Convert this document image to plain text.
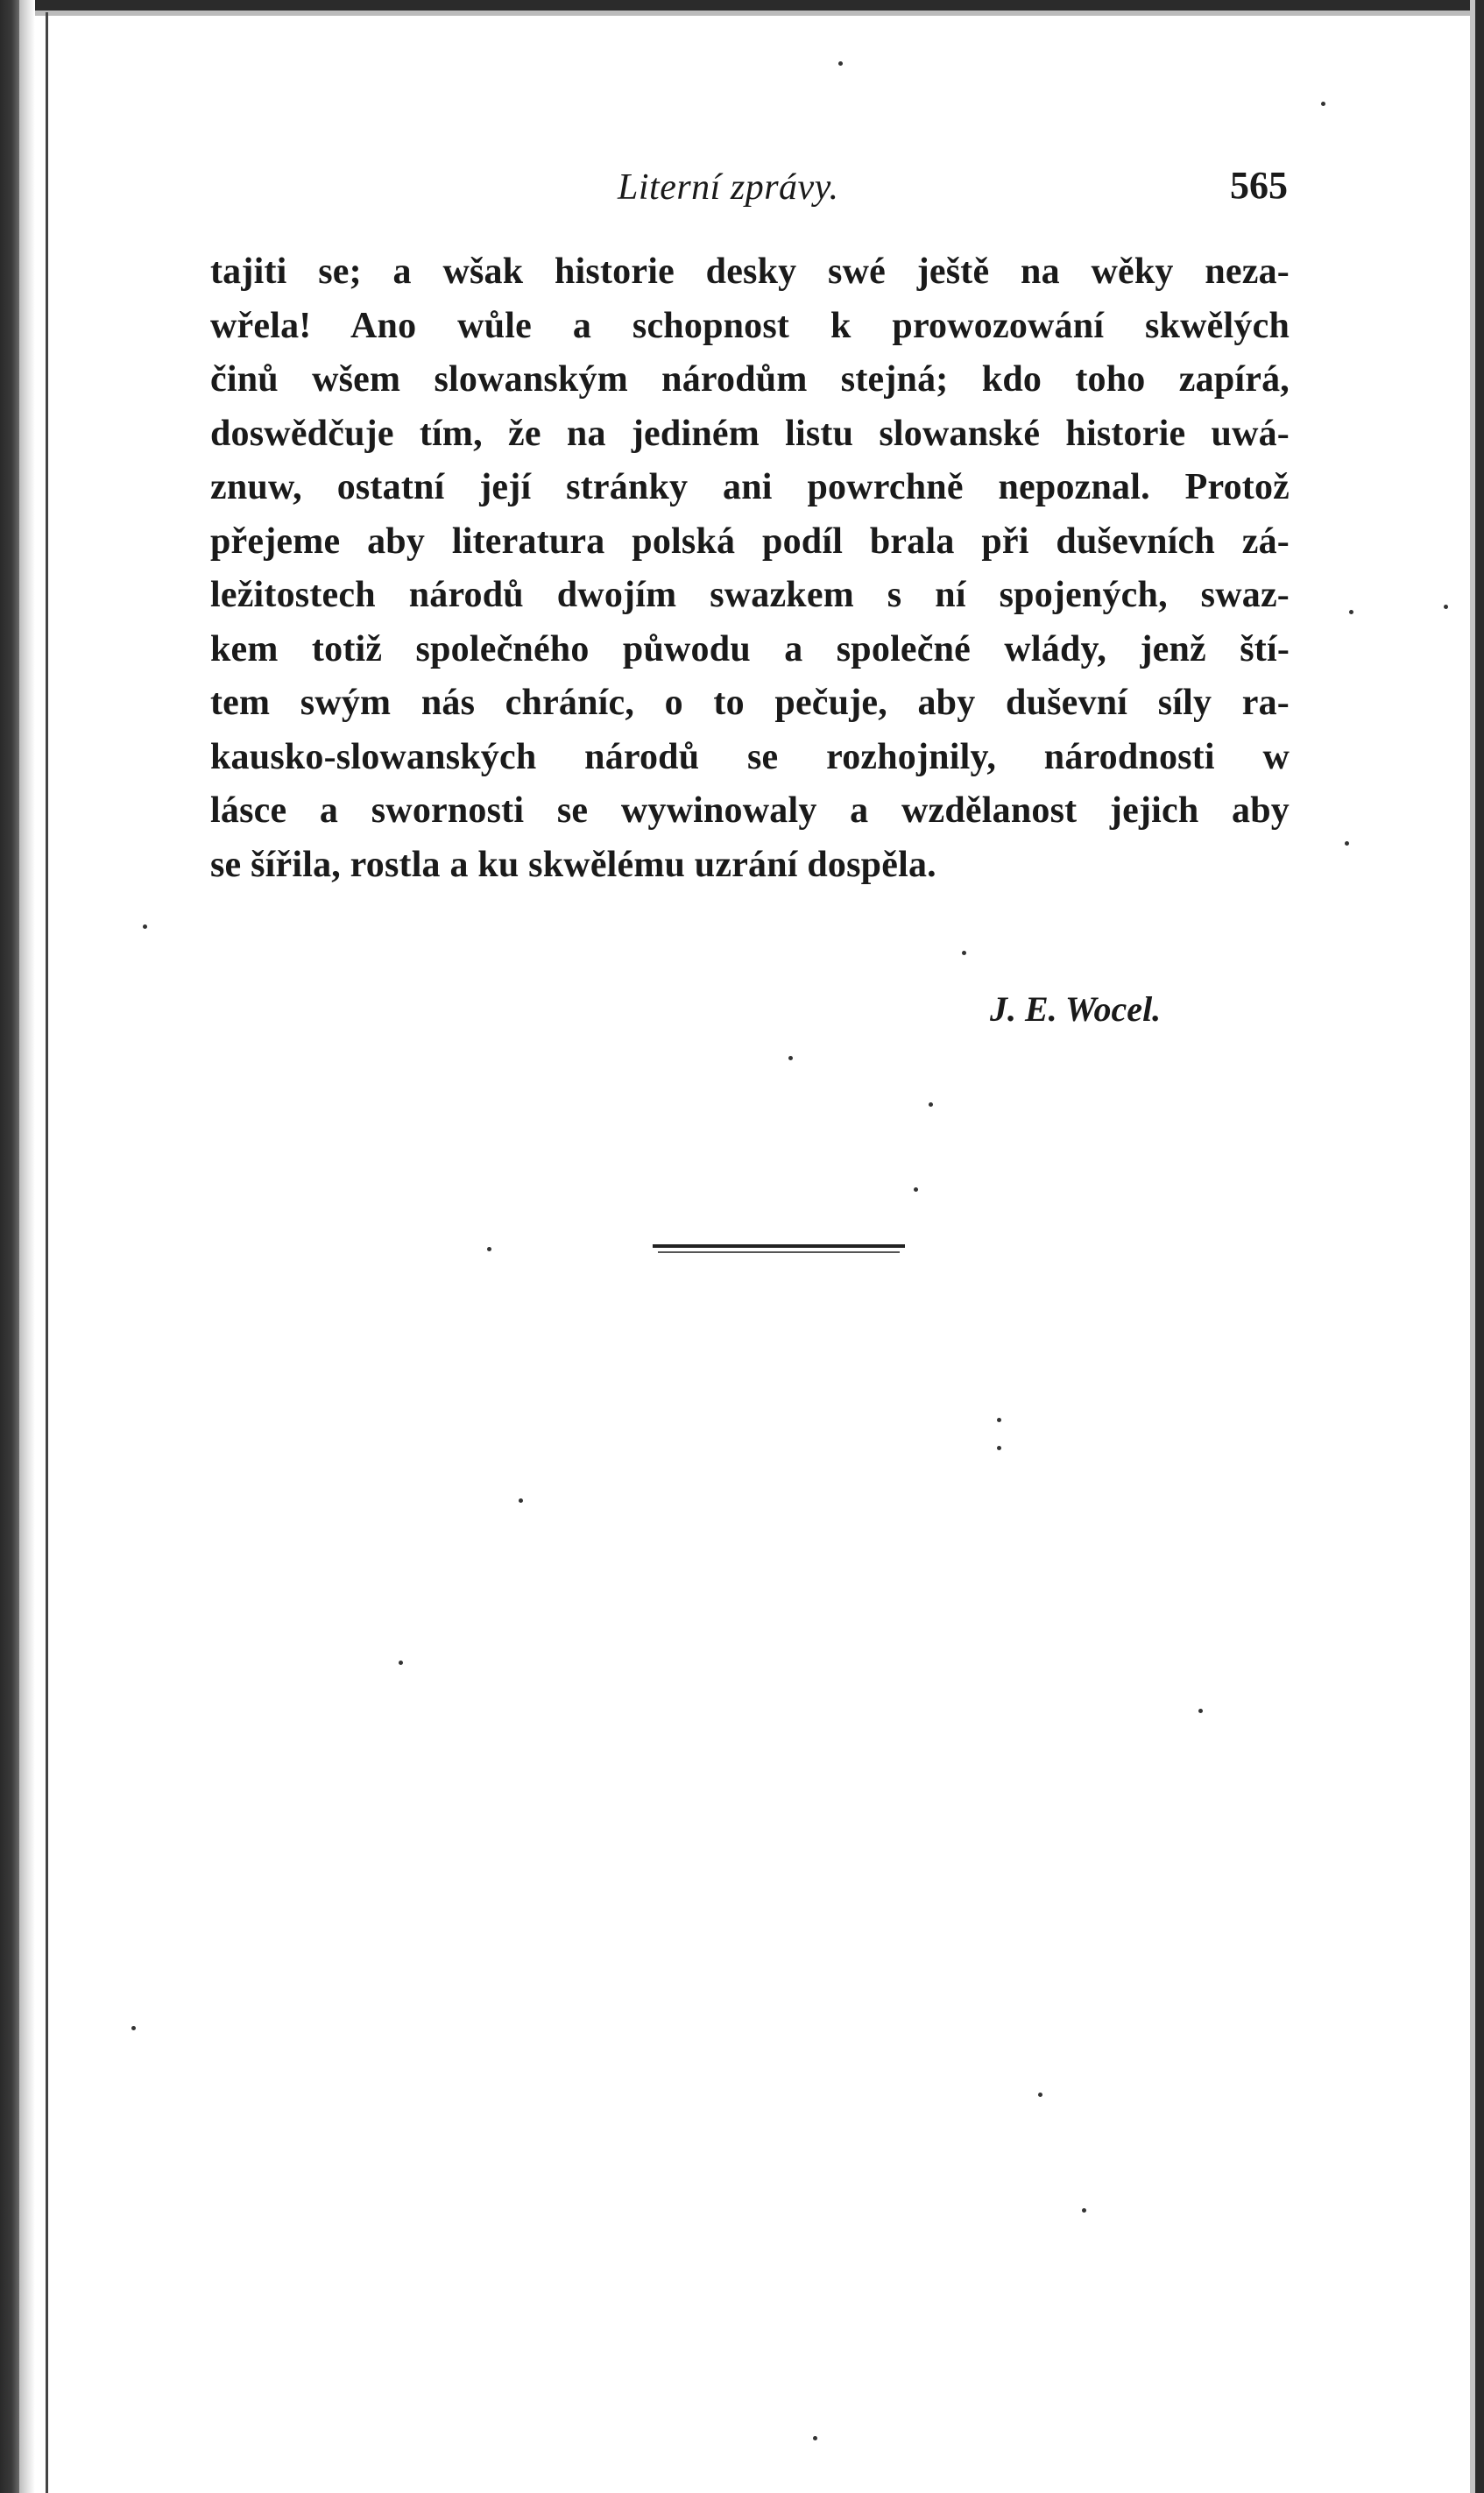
Literní zprávy.	565
tajiti se; a wšak historie desky swé ještě na wěky neza-
wřela! Ano wůle a schopnost k prowozowání skwělých
činů wšem slowanským národům stejná; kdo toho zapírá,
doswědčuje tím, že na jediném listu slowanské historie uwá-
znuw, ostatní její stránky ani powrchně nepoznal. Protož
přejeme aby literatura polská podíl brala při duševních zá-
ležitostech národů dwojím swazkem s ní spojených, swaz-
kem totiž společného půwodu a společné wlády, jenž ští-
tem swým nás chráníc, o to pečuje, aby duševní síly ra-
kausko-slowanských národů se rozhojnily, národnosti w
lásce a swornosti se wywinowaly a wzdělanost jejich aby
se šířila, rostla a ku skwělému uzrání dospěla.
J. E. Wocel.
